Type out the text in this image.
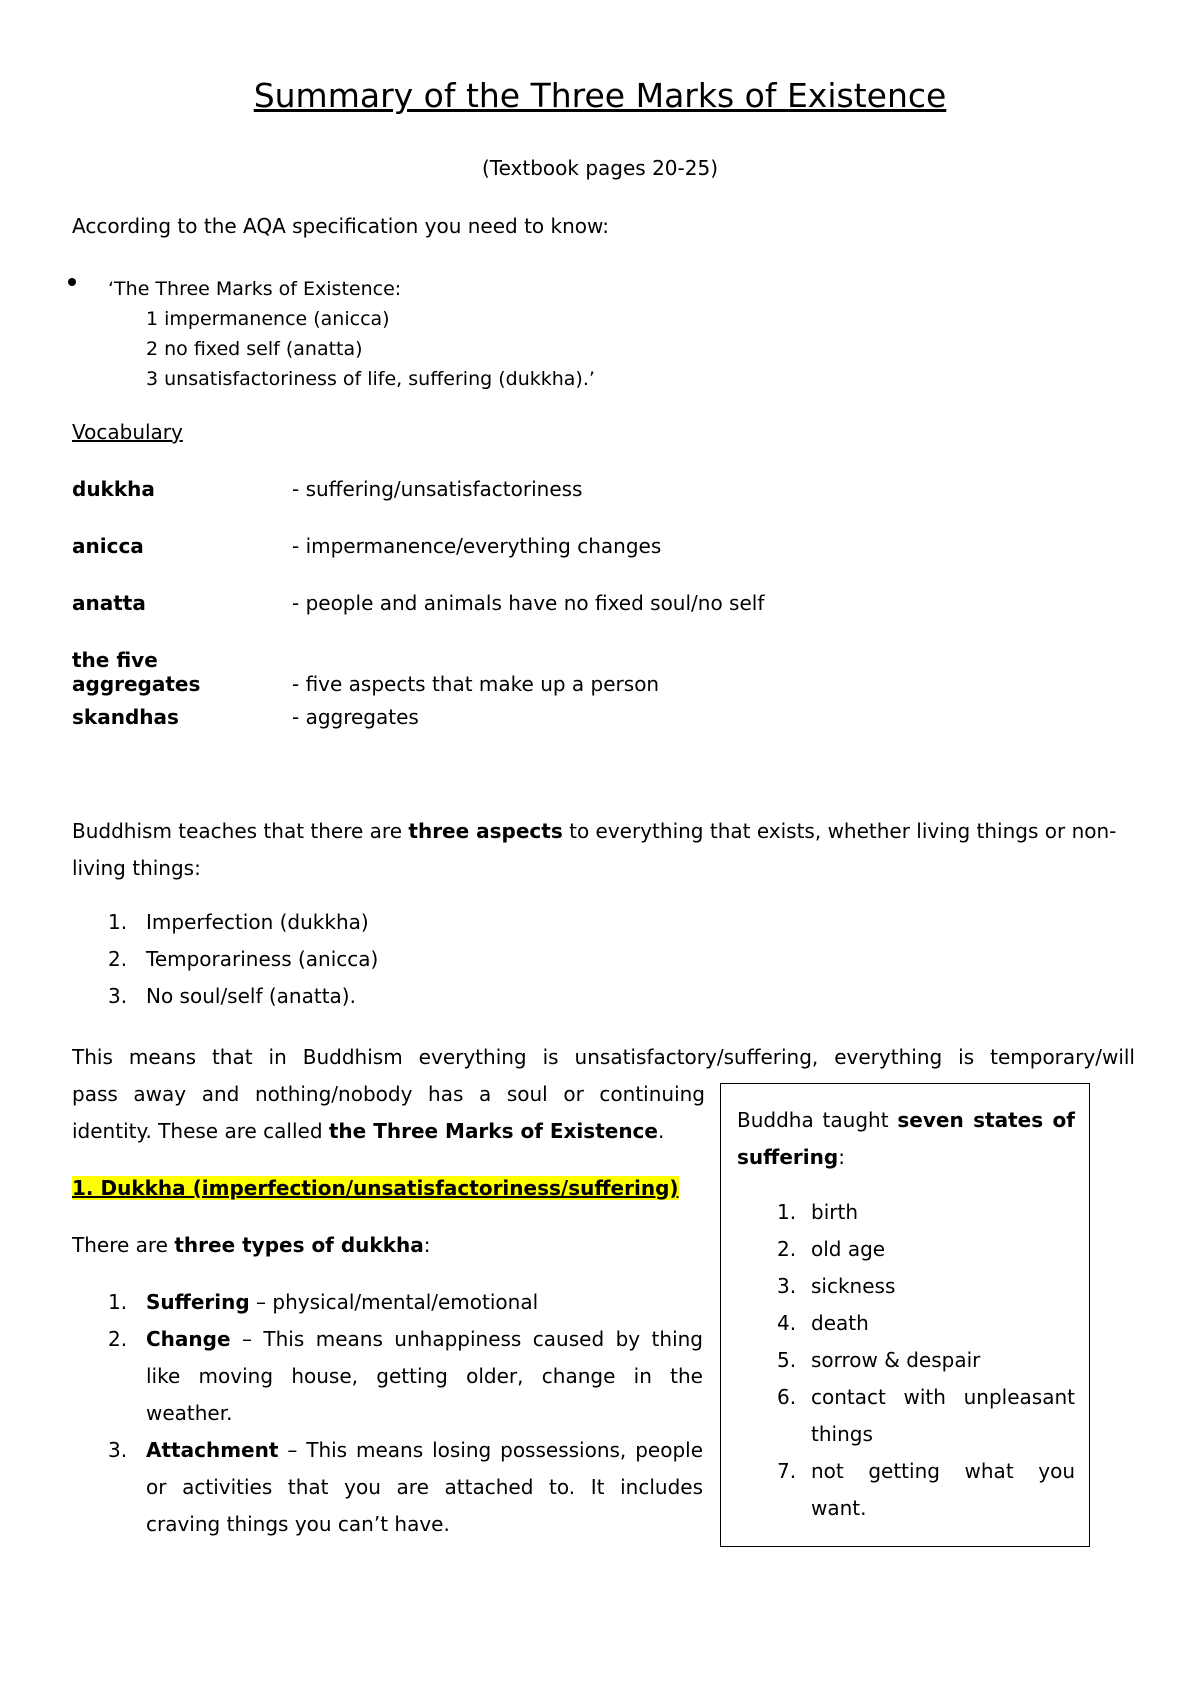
Summary of the Three Marks of Existence
(Textbook pages 20-25)
According to the AQA specification you need to know:
‘The Three Marks of Existence:
1 impermanence (anicca)
2 no fixed self (anatta)
3 unsatisfactoriness of life, suffering (dukkha).’
Vocabulary
dukkha	- suffering/unsatisfactoriness
anicca	- impermanence/everything changes
anatta	- people and animals have no fixed soul/no self
the five aggregates	- five aspects that make up a person
skandhas	- aggregates
Buddhism teaches that there are three aspects to everything that exists, whether living things or non-living things:
1. Imperfection (dukkha)
2. Temporariness (anicca)
3. No soul/self (anatta).
This means that in Buddhism everything is unsatisfactory/suffering, everything is temporary/will
pass away and nothing/nobody has a soul or continuing
identity. These are called the Three Marks of Existence.
1. Dukkha (imperfection/unsatisfactoriness/suffering)
There are three types of dukkha:
1. Suffering – physical/mental/emotional
2. Change – This means unhappiness caused by thing like moving house, getting older, change in the weather.
3. Attachment – This means losing possessions, people or activities that you are attached to. It includes craving things you can’t have.
Buddha taught seven states of suffering:
1. birth
2. old age
3. sickness
4. death
5. sorrow & despair
6. contact with unpleasant things
7. not getting what you want.
